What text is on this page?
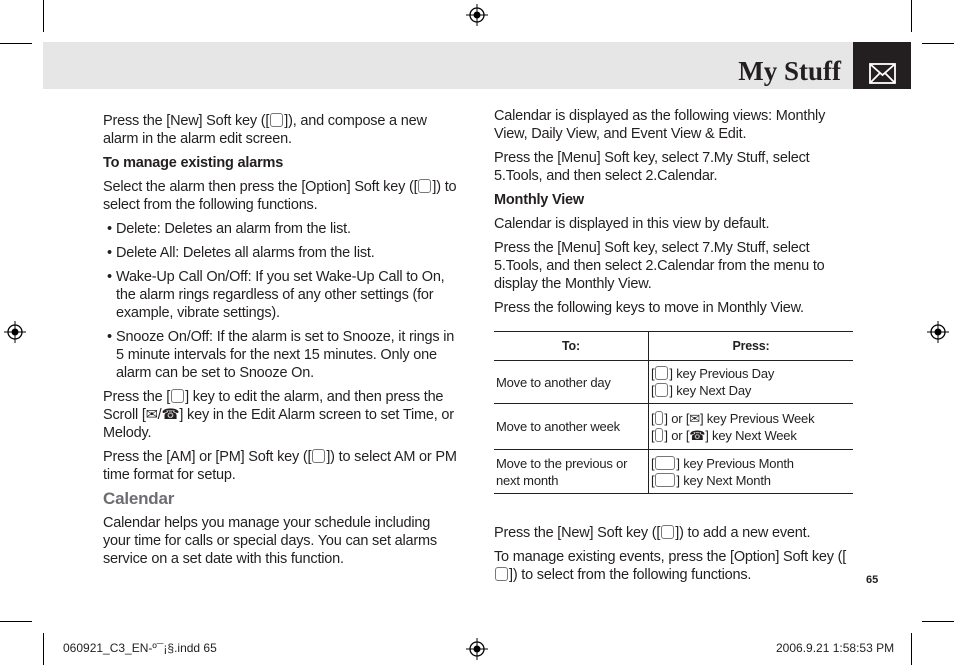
My Stuff

Press the [New] Soft key ([ ]), and compose a new alarm in the alarm edit screen.

To manage existing alarms

Select the alarm then press the [Option] Soft key ([ ]) to select from the following functions.

• Delete: Deletes an alarm from the list.
• Delete All: Deletes all alarms from the list.
• Wake-Up Call On/Off: If you set Wake-Up Call to On, the alarm rings regardless of any other settings (for example, vibrate settings).
• Snooze On/Off: If the alarm is set to Snooze, it rings in 5 minute intervals for the next 15 minutes. Only one alarm can be set to Snooze On.

Press the [ ] key to edit the alarm, and then press the Scroll [✉/☎] key in the Edit Alarm screen to set Time, or Melody.

Press the [AM] or [PM] Soft key ([ ]) to select AM or PM time format for setup.

Calendar

Calendar helps you manage your schedule including your time for calls or special days. You can set alarms service on a set date with this function.

Calendar is displayed as the following views: Monthly View, Daily View, and Event View & Edit.

Press the [Menu] Soft key, select 7.My Stuff, select 5.Tools, and then select 2.Calendar.

Monthly View

Calendar is displayed in this view by default.

Press the [Menu] Soft key, select 7.My Stuff, select 5.Tools, and then select 2.Calendar from the menu to display the Monthly View.

Press the following keys to move in Monthly View.

To:	Press:
Move to another day	[ ] key Previous Day
[ ] key Next Day
Move to another week	[ ] or [✉] key Previous Week
[ ] or [☎] key Next Week
Move to the previous or next month	[ ] key Previous Month
[ ] key Next Month

Press the [New] Soft key ([ ]) to add a new event.

To manage existing events, press the [Option] Soft key ([]) to select from the following functions.	65
060921_C3_EN-º¯¡§.indd 65	2006.9.21 1:58:53 PM
